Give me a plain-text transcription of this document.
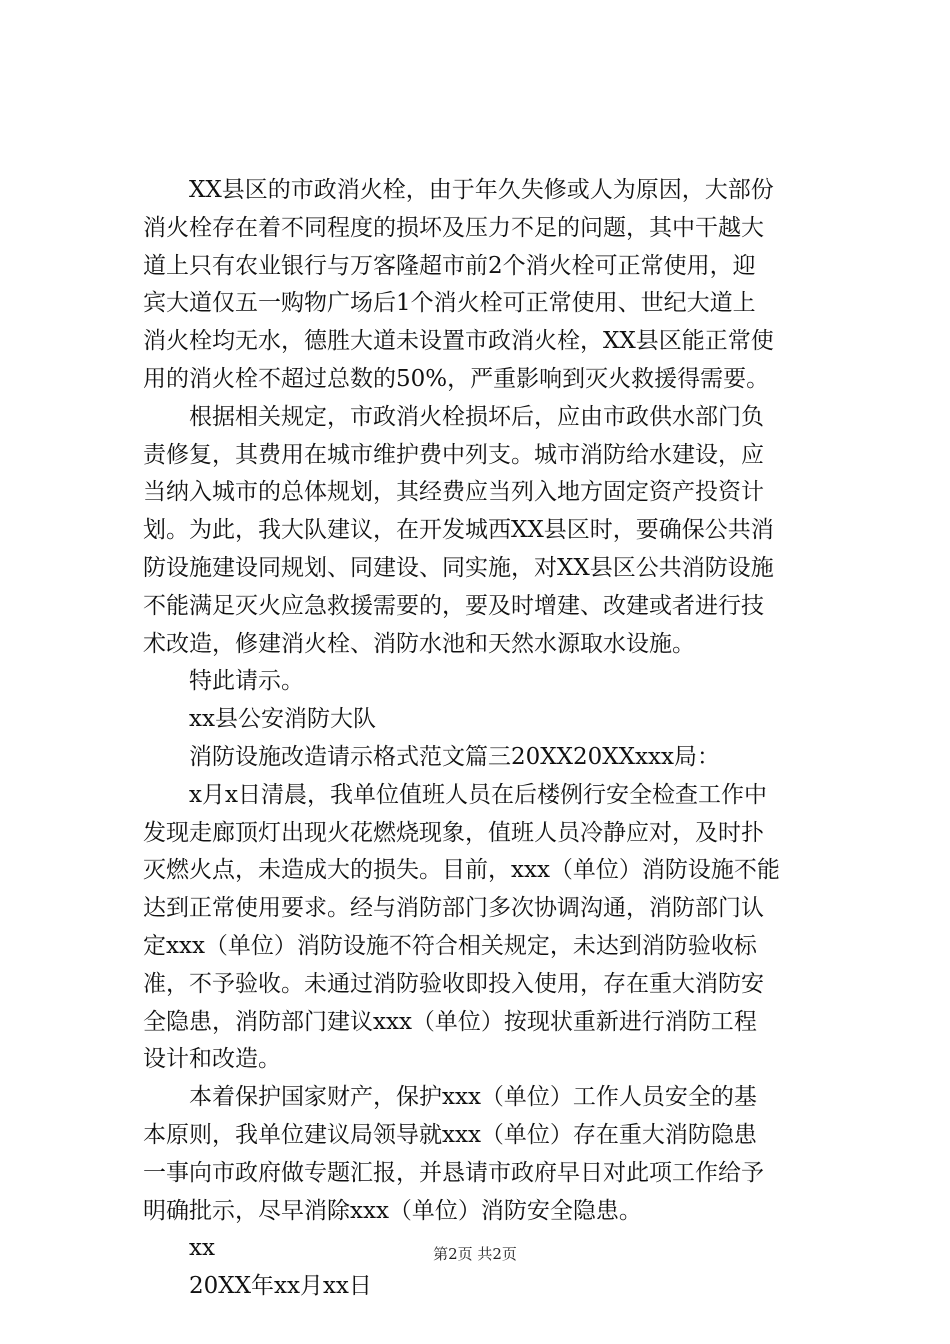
　　XX县区的市政消火栓，由于年久失修或人为原因，大部份
消火栓存在着不同程度的损坏及压力不足的问题，其中干越大
道上只有农业银行与万客隆超市前2个消火栓可正常使用，迎
宾大道仅五一购物广场后1个消火栓可正常使用、世纪大道上
消火栓均无水，德胜大道未设置市政消火栓，XX县区能正常使
用的消火栓不超过总数的50%，严重影响到灭火救援得需要。
　　根据相关规定，市政消火栓损坏后，应由市政供水部门负
责修复，其费用在城市维护费中列支。城市消防给水建设，应
当纳入城市的总体规划，其经费应当列入地方固定资产投资计
划。为此，我大队建议，在开发城西XX县区时，要确保公共消
防设施建设同规划、同建设、同实施，对XX县区公共消防设施
不能满足灭火应急救援需要的，要及时增建、改建或者进行技
术改造，修建消火栓、消防水池和天然水源取水设施。
　　特此请示。
　　xx县公安消防大队
　　消防设施改造请示格式范文篇三20XX20XXxxx局：
　　x月x日清晨，我单位值班人员在后楼例行安全检查工作中
发现走廊顶灯出现火花燃烧现象，值班人员冷静应对，及时扑
灭燃火点，未造成大的损失。目前，xxx（单位）消防设施不能
达到正常使用要求。经与消防部门多次协调沟通，消防部门认
定xxx（单位）消防设施不符合相关规定，未达到消防验收标
准，不予验收。未通过消防验收即投入使用，存在重大消防安
全隐患，消防部门建议xxx（单位）按现状重新进行消防工程
设计和改造。
　　本着保护国家财产，保护xxx（单位）工作人员安全的基
本原则，我单位建议局领导就xxx（单位）存在重大消防隐患
一事向市政府做专题汇报，并恳请市政府早日对此项工作给予
明确批示，尽早消除xxx（单位）消防安全隐患。
　　xx
　　20XX年xx月xx日
第2页 共2页
